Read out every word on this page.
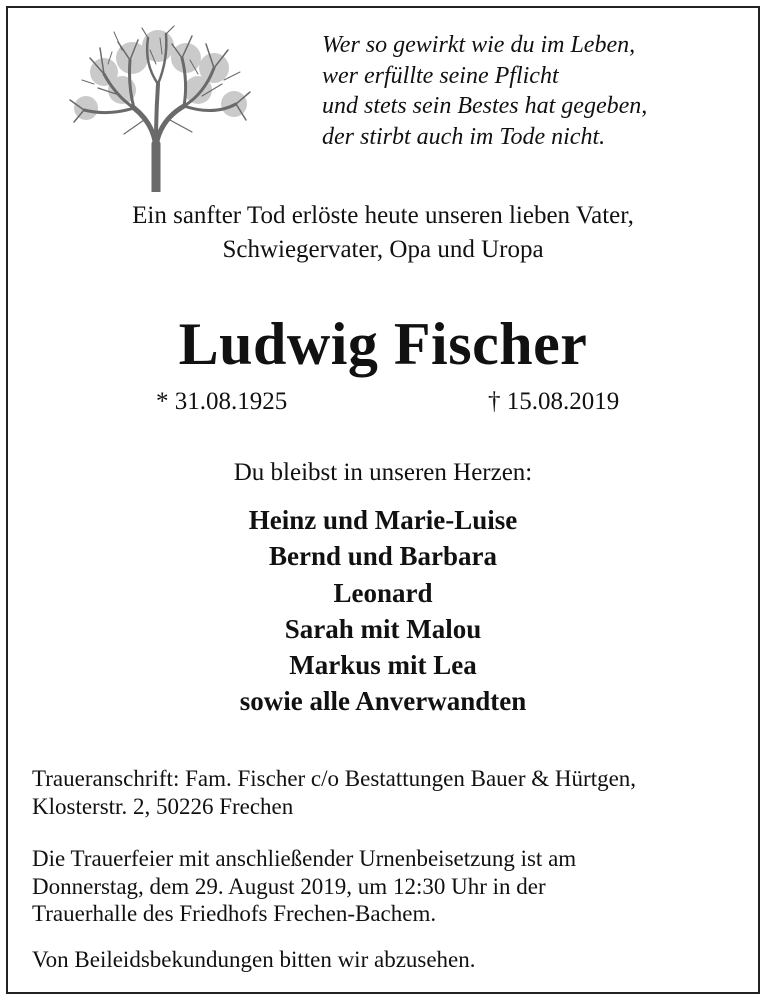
Wer so gewirkt wie du im Leben,
wer erfüllte seine Pflicht
und stets sein Bestes hat gegeben,
der stirbt auch im Tode nicht.
Ein sanfter Tod erlöste heute unseren lieben Vater,
Schwiegervater, Opa und Uropa
Ludwig Fischer
* 31.08.1925	† 15.08.2019
Du bleibst in unseren Herzen:
Heinz und Marie-Luise
Bernd und Barbara
Leonard
Sarah mit Malou
Markus mit Lea
sowie alle Anverwandten
Traueranschrift: Fam. Fischer c/o Bestattungen Bauer & Hürtgen,
Klosterstr. 2, 50226 Frechen
Die Trauerfeier mit anschließender Urnenbeisetzung ist am
Donnerstag, dem 29. August 2019, um 12:30 Uhr in der
Trauerhalle des Friedhofs Frechen-Bachem.
Von Beileidsbekundungen bitten wir abzusehen.
